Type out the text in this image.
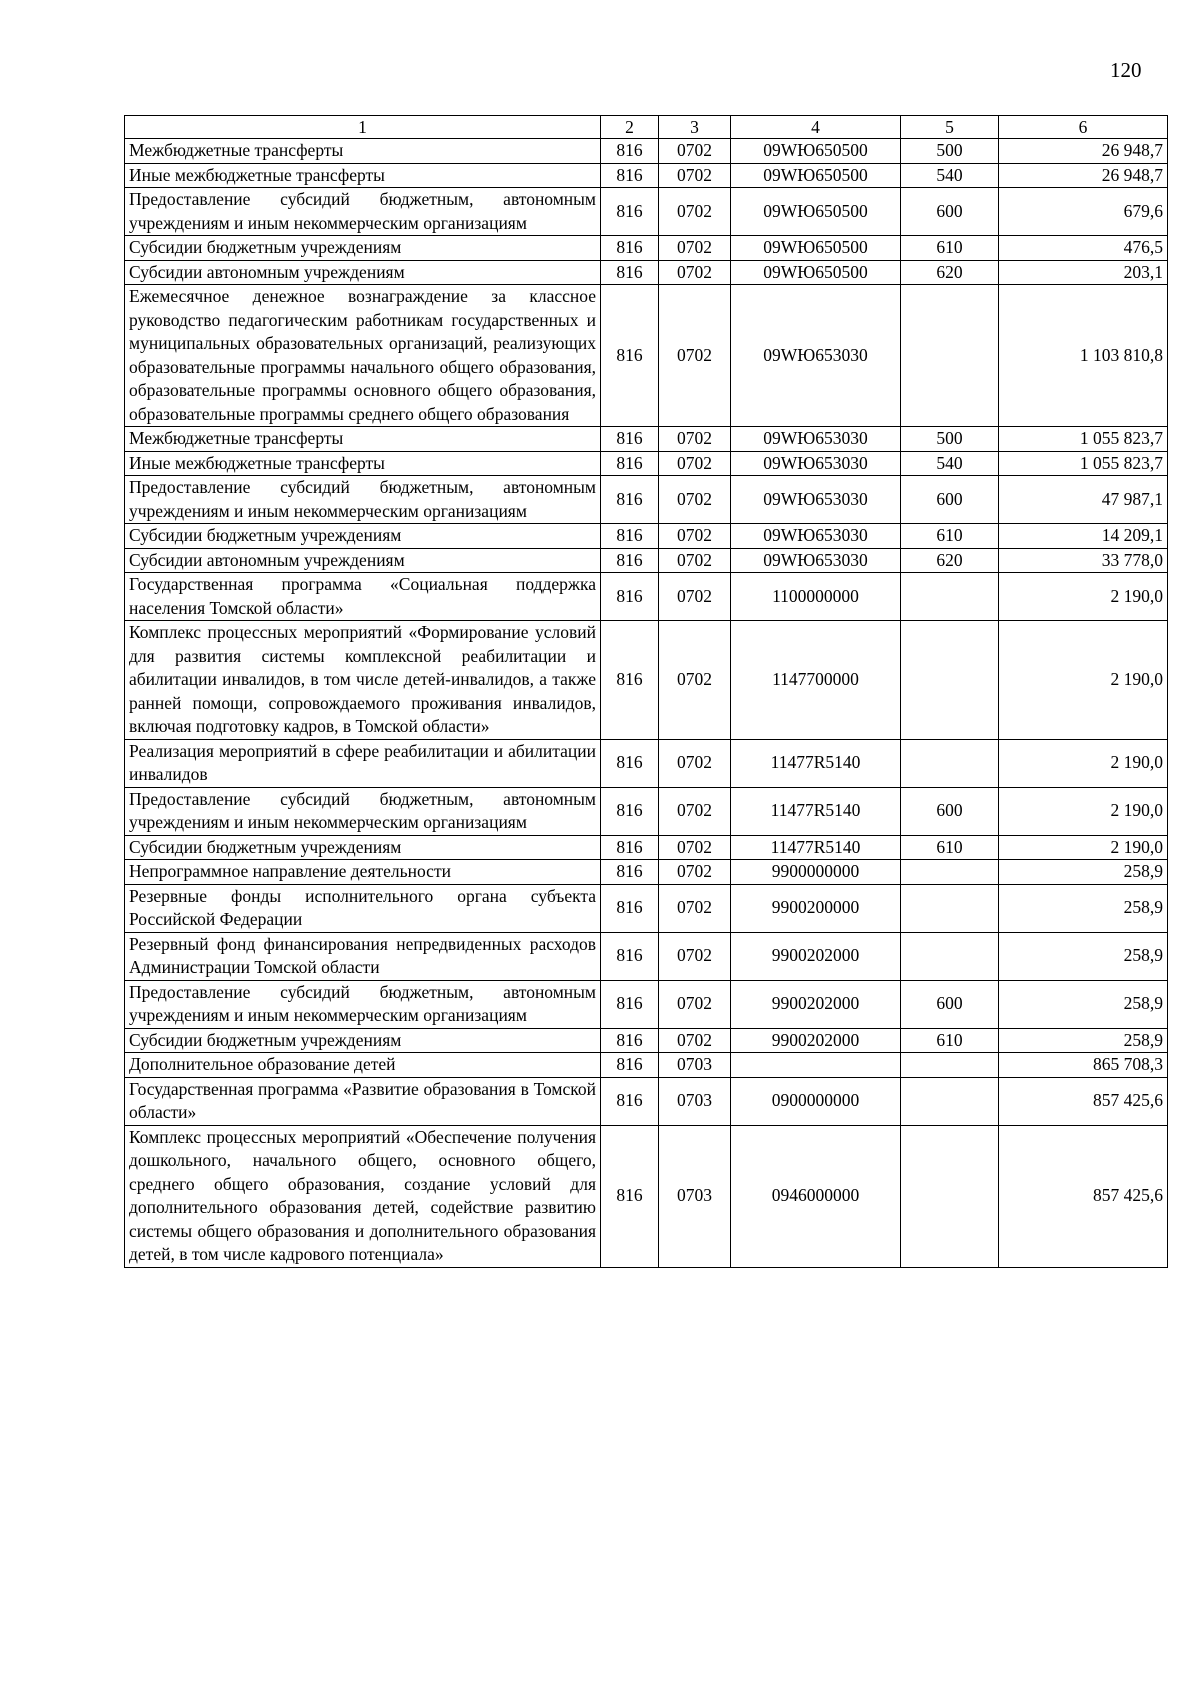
120
1	2	3	4	5	6
Межбюджетные трансферты	816	0702	09WЮ650500	500	26 948,7
Иные межбюджетные трансферты	816	0702	09WЮ650500	540	26 948,7
Предоставление субсидий бюджетным, автономным учреждениям и иным некоммерческим организациям	816	0702	09WЮ650500	600	679,6
Субсидии бюджетным учреждениям	816	0702	09WЮ650500	610	476,5
Субсидии автономным учреждениям	816	0702	09WЮ650500	620	203,1
Ежемесячное денежное вознаграждение за классное руководство педагогическим работникам государственных и муниципальных образовательных организаций, реализующих образовательные программы начального общего образования, образовательные программы основного общего образования, образовательные программы среднего общего образования	816	0702	09WЮ653030		1 103 810,8
Межбюджетные трансферты	816	0702	09WЮ653030	500	1 055 823,7
Иные межбюджетные трансферты	816	0702	09WЮ653030	540	1 055 823,7
Предоставление субсидий бюджетным, автономным учреждениям и иным некоммерческим организациям	816	0702	09WЮ653030	600	47 987,1
Субсидии бюджетным учреждениям	816	0702	09WЮ653030	610	14 209,1
Субсидии автономным учреждениям	816	0702	09WЮ653030	620	33 778,0
Государственная программа «Социальная поддержка населения Томской области»	816	0702	1100000000		2 190,0
Комплекс процессных мероприятий «Формирование условий для развития системы комплексной реабилитации и абилитации инвалидов, в том числе детей-инвалидов, а также ранней помощи, сопровождаемого проживания инвалидов, включая подготовку кадров, в Томской области»	816	0702	1147700000		2 190,0
Реализация мероприятий в сфере реабилитации и абилитации инвалидов	816	0702	11477R5140		2 190,0
Предоставление субсидий бюджетным, автономным учреждениям и иным некоммерческим организациям	816	0702	11477R5140	600	2 190,0
Субсидии бюджетным учреждениям	816	0702	11477R5140	610	2 190,0
Непрограммное направление деятельности	816	0702	9900000000		258,9
Резервные фонды исполнительного органа субъекта Российской Федерации	816	0702	9900200000		258,9
Резервный фонд финансирования непредвиденных расходов Администрации Томской области	816	0702	9900202000		258,9
Предоставление субсидий бюджетным, автономным учреждениям и иным некоммерческим организациям	816	0702	9900202000	600	258,9
Субсидии бюджетным учреждениям	816	0702	9900202000	610	258,9
Дополнительное образование детей	816	0703			865 708,3
Государственная программа «Развитие образования в Томской области»	816	0703	0900000000		857 425,6
Комплекс процессных мероприятий «Обеспечение получения дошкольного, начального общего, основного общего, среднего общего образования, создание условий для дополнительного образования детей, содействие развитию системы общего образования и дополнительного образования детей, в том числе кадрового потенциала»	816	0703	0946000000		857 425,6
